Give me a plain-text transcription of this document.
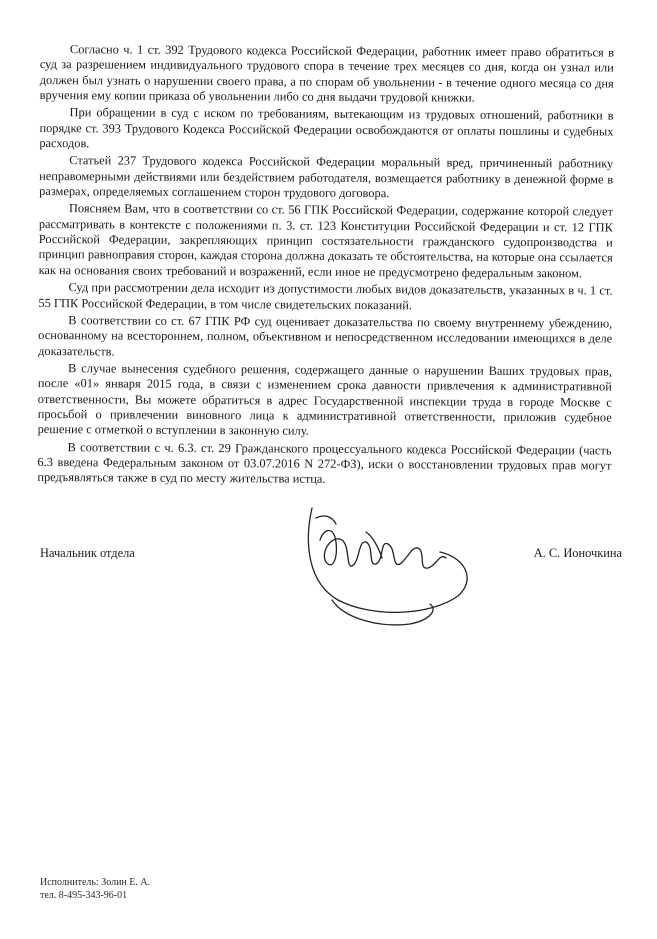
Согласно ч. 1 ст. 392 Трудового кодекса Российской Федерации, работник имеет право обратиться в суд за разрешением индивидуального трудового спора в течение трех месяцев со дня, когда он узнал или должен был узнать о нарушении своего права, а по спорам об увольнении - в течение одного месяца со дня вручения ему копии приказа об увольнении либо со дня выдачи трудовой книжки.

При обращении в суд с иском по требованиям, вытекающим из трудовых отношений, работники в порядке ст. 393 Трудового Кодекса Российской Федерации освобождаются от оплаты пошлины и судебных расходов.

Статьей 237 Трудового кодекса Российской Федерации моральный вред, причиненный работнику неправомерными действиями или бездействием работодателя, возмещается работнику в денежной форме в размерах, определяемых соглашением сторон трудового договора.

Поясняем Вам, что в соответствии со ст. 56 ГПК Российской Федерации, содержание которой следует рассматривать в контексте с положениями п. 3. ст. 123 Конституции Российской Федерации и ст. 12 ГПК Российской Федерации, закрепляющих принцип состязательности гражданского судопроизводства и принцип равноправия сторон, каждая сторона должна доказать те обстоятельства, на которые она ссылается как на основания своих требований и возражений, если иное не предусмотрено федеральным законом.

Суд при рассмотрении дела исходит из допустимости любых видов доказательств, указанных в ч. 1 ст. 55 ГПК Российской Федерации, в том числе свидетельских показаний.

В соответствии со ст. 67 ГПК РФ суд оценивает доказательства по своему внутреннему убеждению, основанному на всестороннем, полном, объективном и непосредственном исследовании имеющихся в деле доказательств.

В случае вынесения судебного решения, содержащего данные о нарушении Ваших трудовых прав, после «01» января 2015 года, в связи с изменением срока давности привлечения к административной ответственности, Вы можете обратиться в адрес Государственной инспекции труда в городе Москве с просьбой о привлечении виновного лица к административной ответственности, приложив судебное решение с отметкой о вступлении в законную силу.

В соответствии с ч. 6.3. ст. 29 Гражданского процессуального кодекса Российской Федерации (часть 6.3 введена Федеральным законом от 03.07.2016 N 272-ФЗ), иски о восстановлении трудовых прав могут предъявляться также в суд по месту жительства истца.

Начальник отдела	А. С. Ионочкина
Исполнитель: Золин Е. А.
тел. 8-495-343-96-01
